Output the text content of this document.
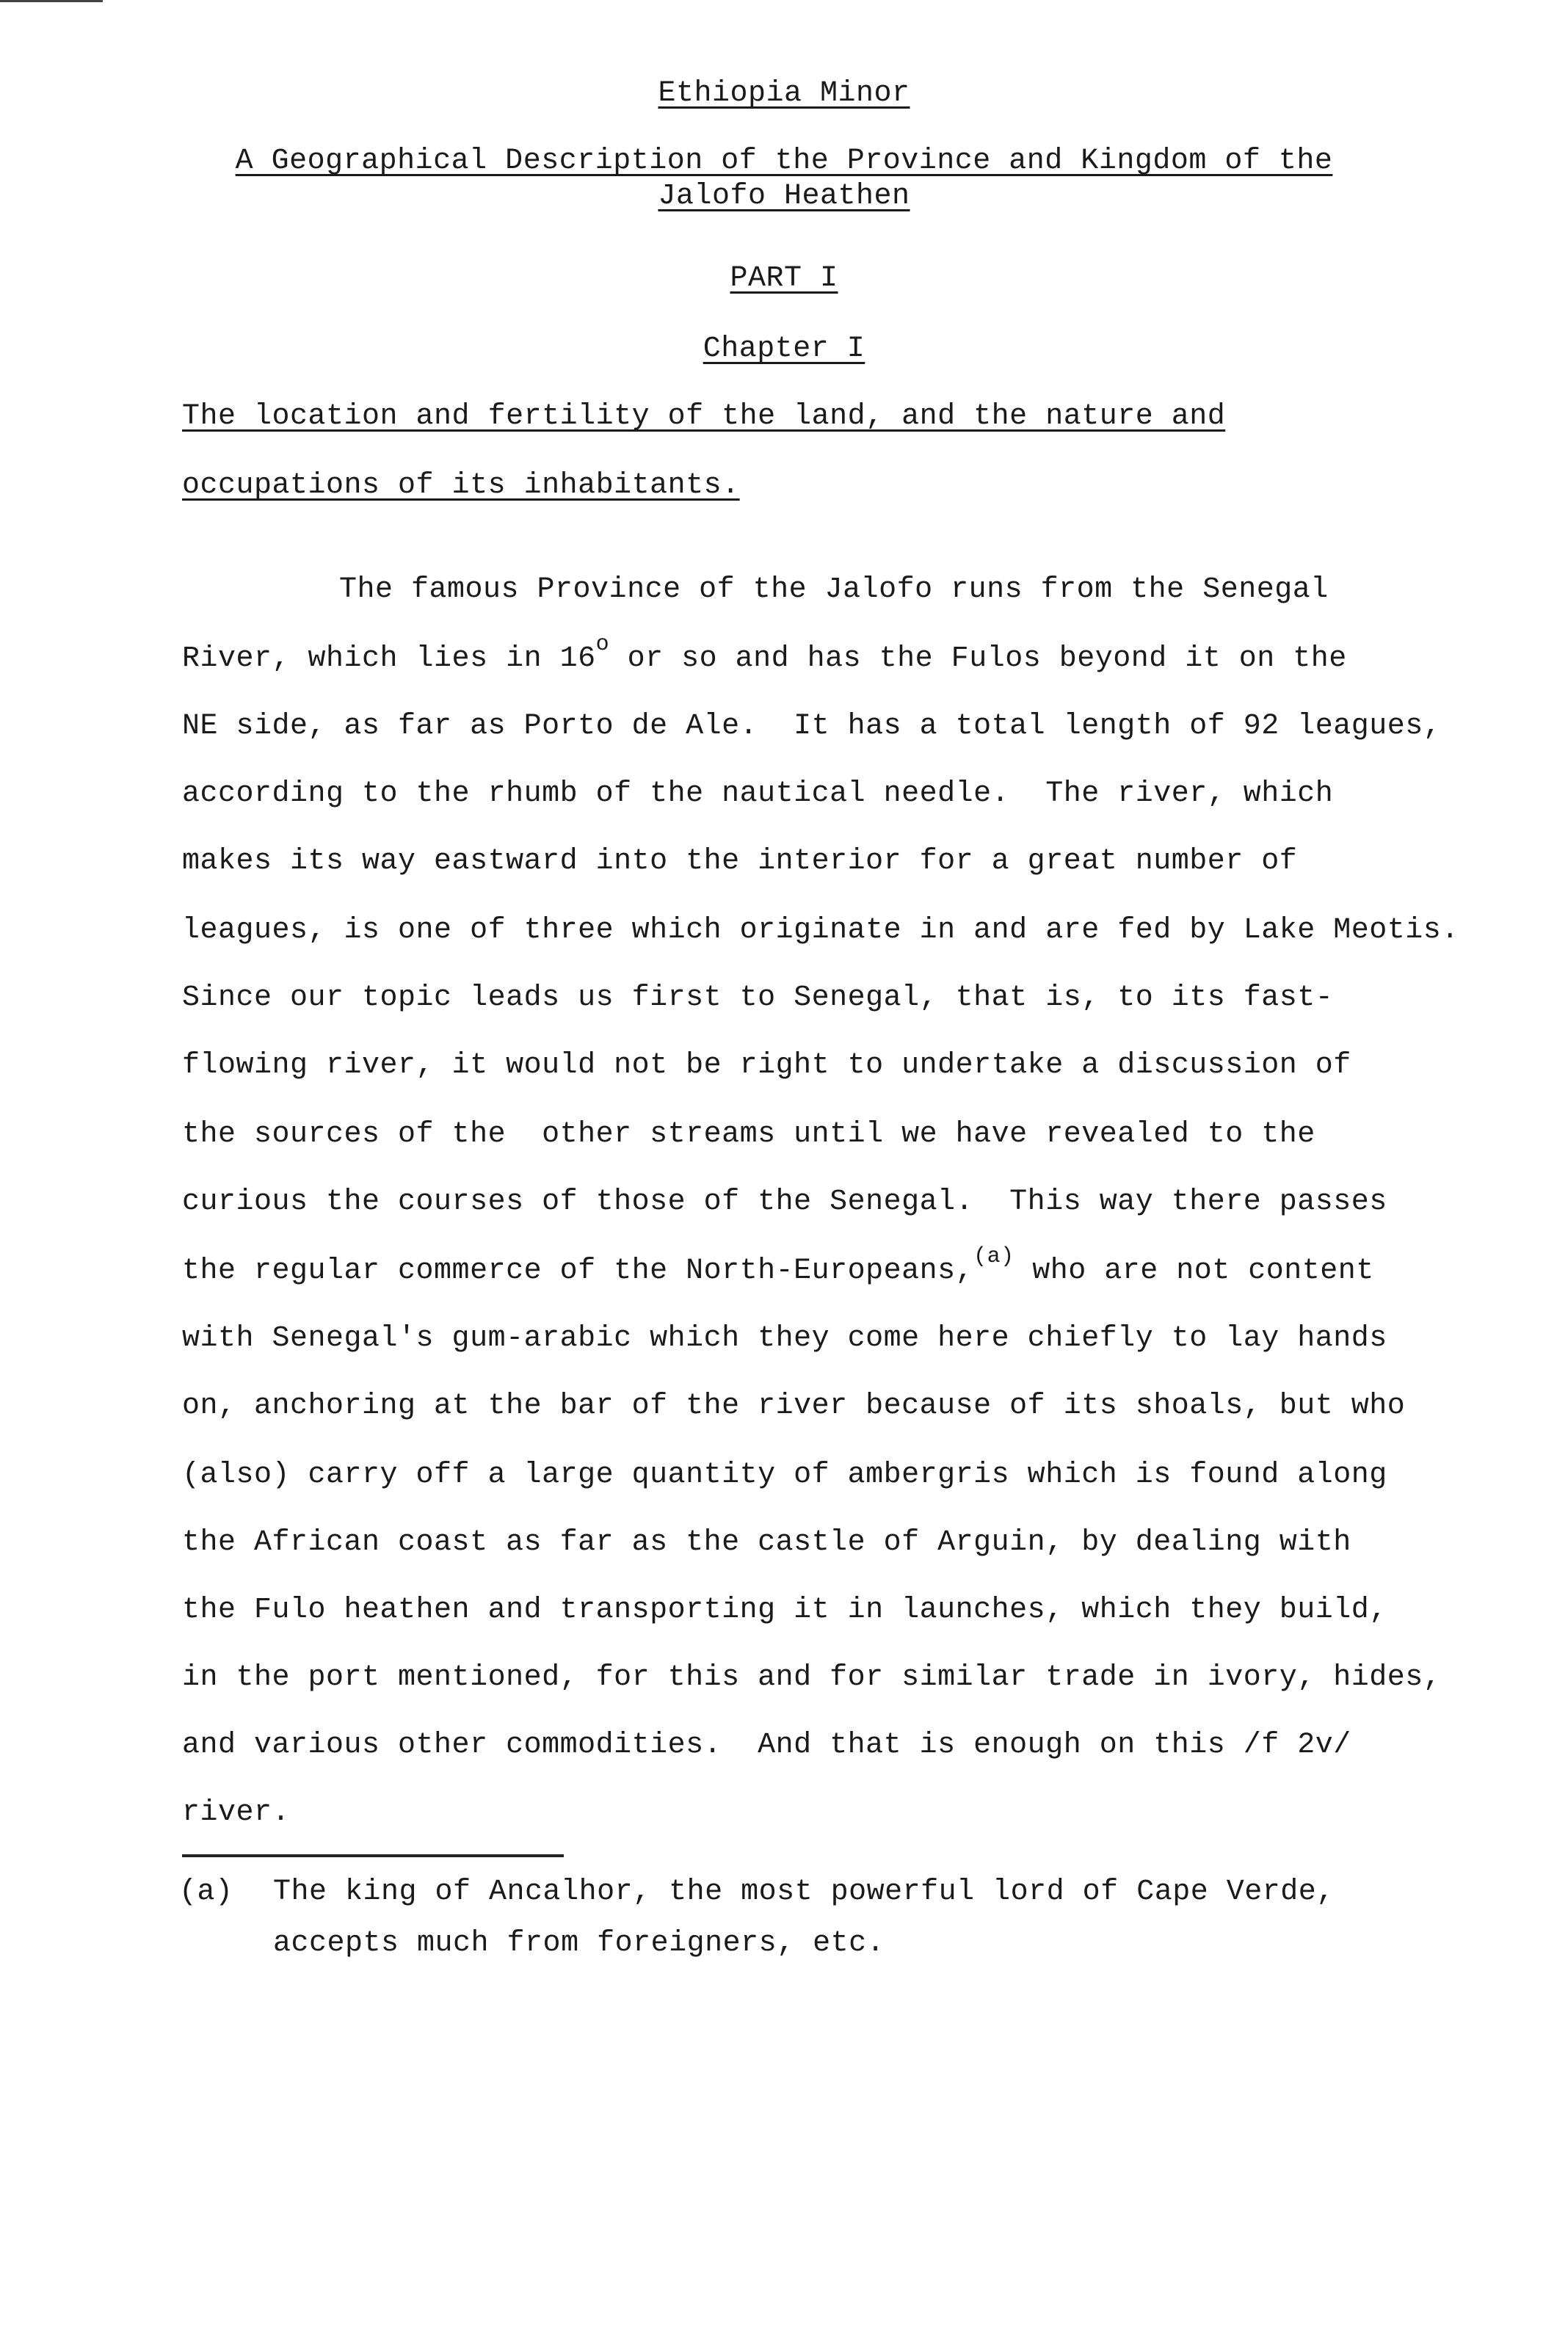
Ethiopia Minor
A Geographical Description of the Province and Kingdom of the
Jalofo Heathen
PART I
Chapter I
The location and fertility of the land, and the nature and
occupations of its inhabitants.
The famous Province of the Jalofo runs from the Senegal
River, which lies in 16$^o$ or so and has the Fulos beyond it on the
NE side, as far as Porto de Ale.  It has a total length of 92 leagues,
according to the rhumb of the nautical needle.  The river, which
makes its way eastward into the interior for a great number of
leagues, is one of three which originate in and are fed by Lake Meotis.
Since our topic leads us first to Senegal, that is, to its fast-
flowing river, it would not be right to undertake a discussion of
the sources of the  other streams until we have revealed to the
curious the courses of those of the Senegal.  This way there passes
the regular commerce of the North-Europeans,$^{(a)}$ who are not content
with Senegal's gum-arabic which they come here chiefly to lay hands
on, anchoring at the bar of the river because of its shoals, but who
(also) carry off a large quantity of ambergris which is found along
the African coast as far as the castle of Arguin, by dealing with
the Fulo heathen and transporting it in launches, which they build,
in the port mentioned, for this and for similar trade in ivory, hides,
and various other commodities.  And that is enough on this /f 2v/
river.
(a) The king of Ancalhor, the most powerful lord of Cape Verde,
accepts much from foreigners, etc.
